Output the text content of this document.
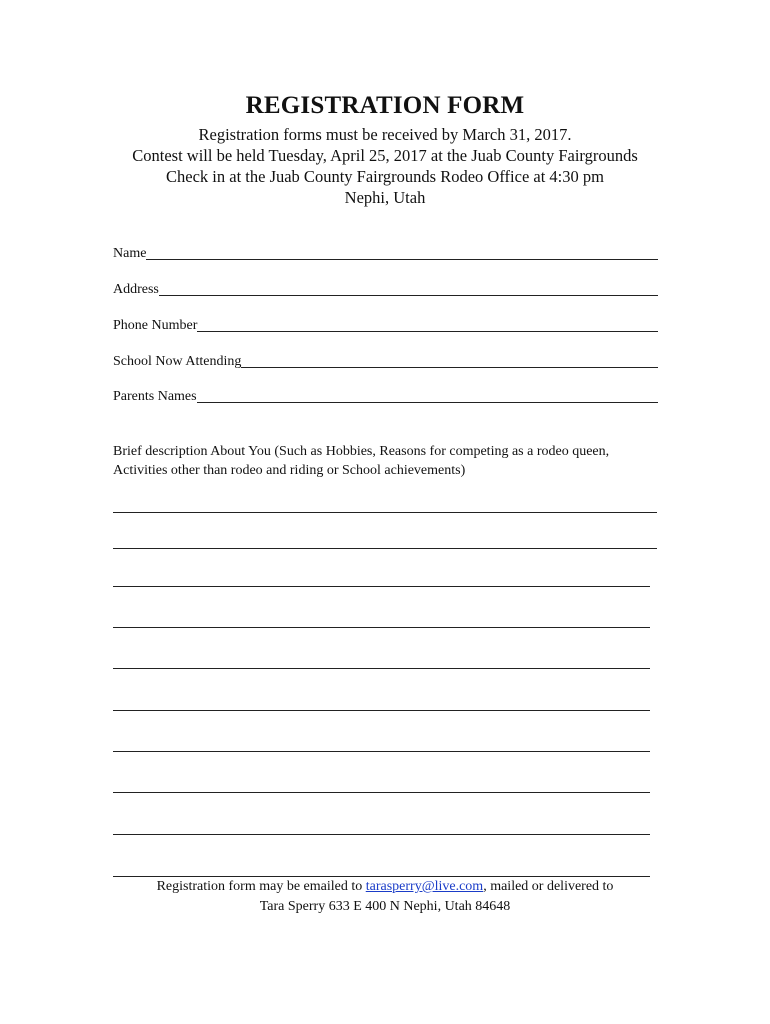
REGISTRATION FORM
Registration forms must be received by March 31, 2017.
Contest will be held Tuesday, April 25, 2017 at the Juab County Fairgrounds
Check in at the Juab County Fairgrounds Rodeo Office at 4:30 pm
Nephi, Utah
Name
Address
Phone Number
School Now Attending
Parents Names
Brief description About You (Such as Hobbies, Reasons for competing as a rodeo queen,
Activities other than rodeo and riding or School achievements)
Registration form may be emailed to tarasperry@live.com, mailed or delivered to
Tara Sperry 633 E 400 N Nephi, Utah 84648
